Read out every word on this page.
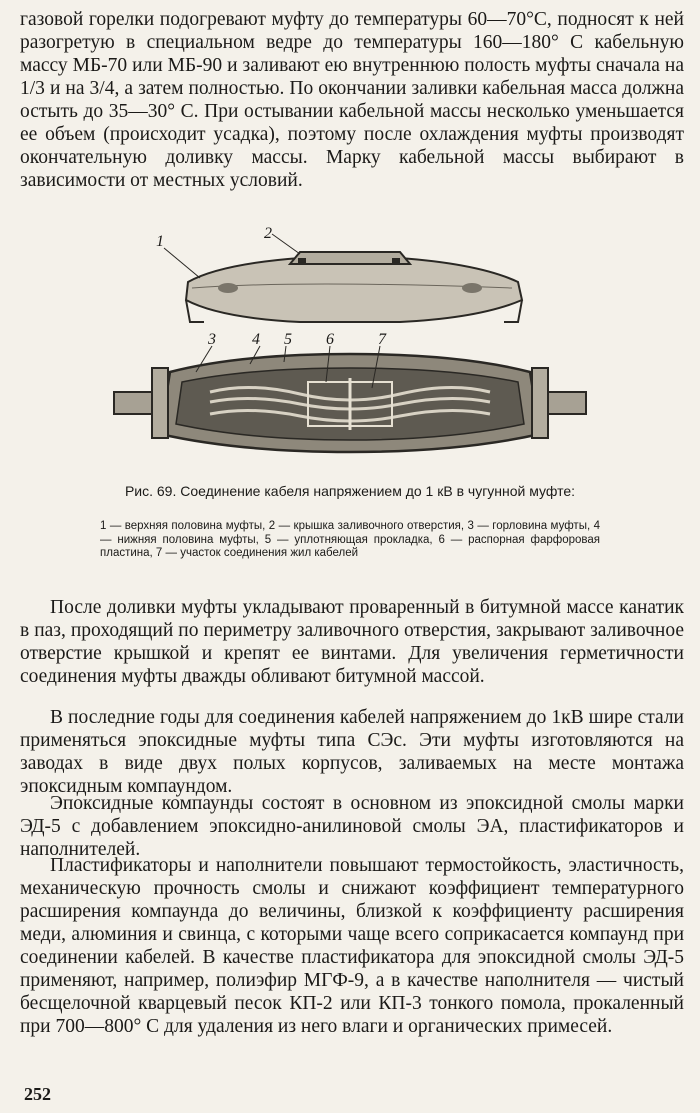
газовой горелки подогревают муфту до температуры 60—70°С, подносят к ней разогретую в специальном ведре до температуры 160—180° С кабельную массу МБ-70 или МБ-90 и заливают ею внутреннюю полость муфты сначала на 1/3 и на 3/4, а затем полностью. По окончании заливки кабельная масса должна остыть до 35—30° С. При остывании кабельной массы несколько уменьшается ее объем (происходит усадка), поэтому после охлаждения муфты производят окончательную доливку массы. Марку кабельной массы выбирают в зависимости от местных условий.

1	2
3 4 5 6	7

Рис. 69. Соединение кабеля напряжением до 1 кВ в чугунной муфте:

1 — верхняя половина муфты, 2 — крышка заливочного отверстия, 3 — горловина муфты, 4 — нижняя половина муфты, 5 — уплотняющая прокладка, 6 — распорная фарфоровая пластина, 7 — участок соединения жил кабелей

После доливки муфты укладывают проваренный в битумной массе канатик в паз, проходящий по периметру заливочного отверстия, закрывают заливочное отверстие крышкой и крепят ее винтами. Для увеличения герметичности соединения муфты дважды обливают битумной массой.

В последние годы для соединения кабелей напряжением до 1кВ шире стали применяться эпоксидные муфты типа СЭс. Эти муфты изготовляются на заводах в виде двух полых корпусов, заливаемых на месте монтажа эпоксидным компаундом.

Эпоксидные компаунды состоят в основном из эпоксидной смолы марки ЭД-5 с добавлением эпоксидно-анилиновой смолы ЭА, пластификаторов и наполнителей.

Пластификаторы и наполнители повышают термостойкость, эластичность, механическую прочность смолы и снижают коэффициент температурного расширения компаунда до величины, близкой к коэффициенту расширения меди, алюминия и свинца, с которыми чаще всего соприкасается компаунд при соединении кабелей. В качестве пластификатора для эпоксидной смолы ЭД-5 применяют, например, полиэфир МГФ-9, а в качестве наполнителя — чистый бесщелочной кварцевый песок КП-2 или КП-3 тонкого помола, прокаленный при 700—800° С для удаления из него влаги и органических примесей.

252
